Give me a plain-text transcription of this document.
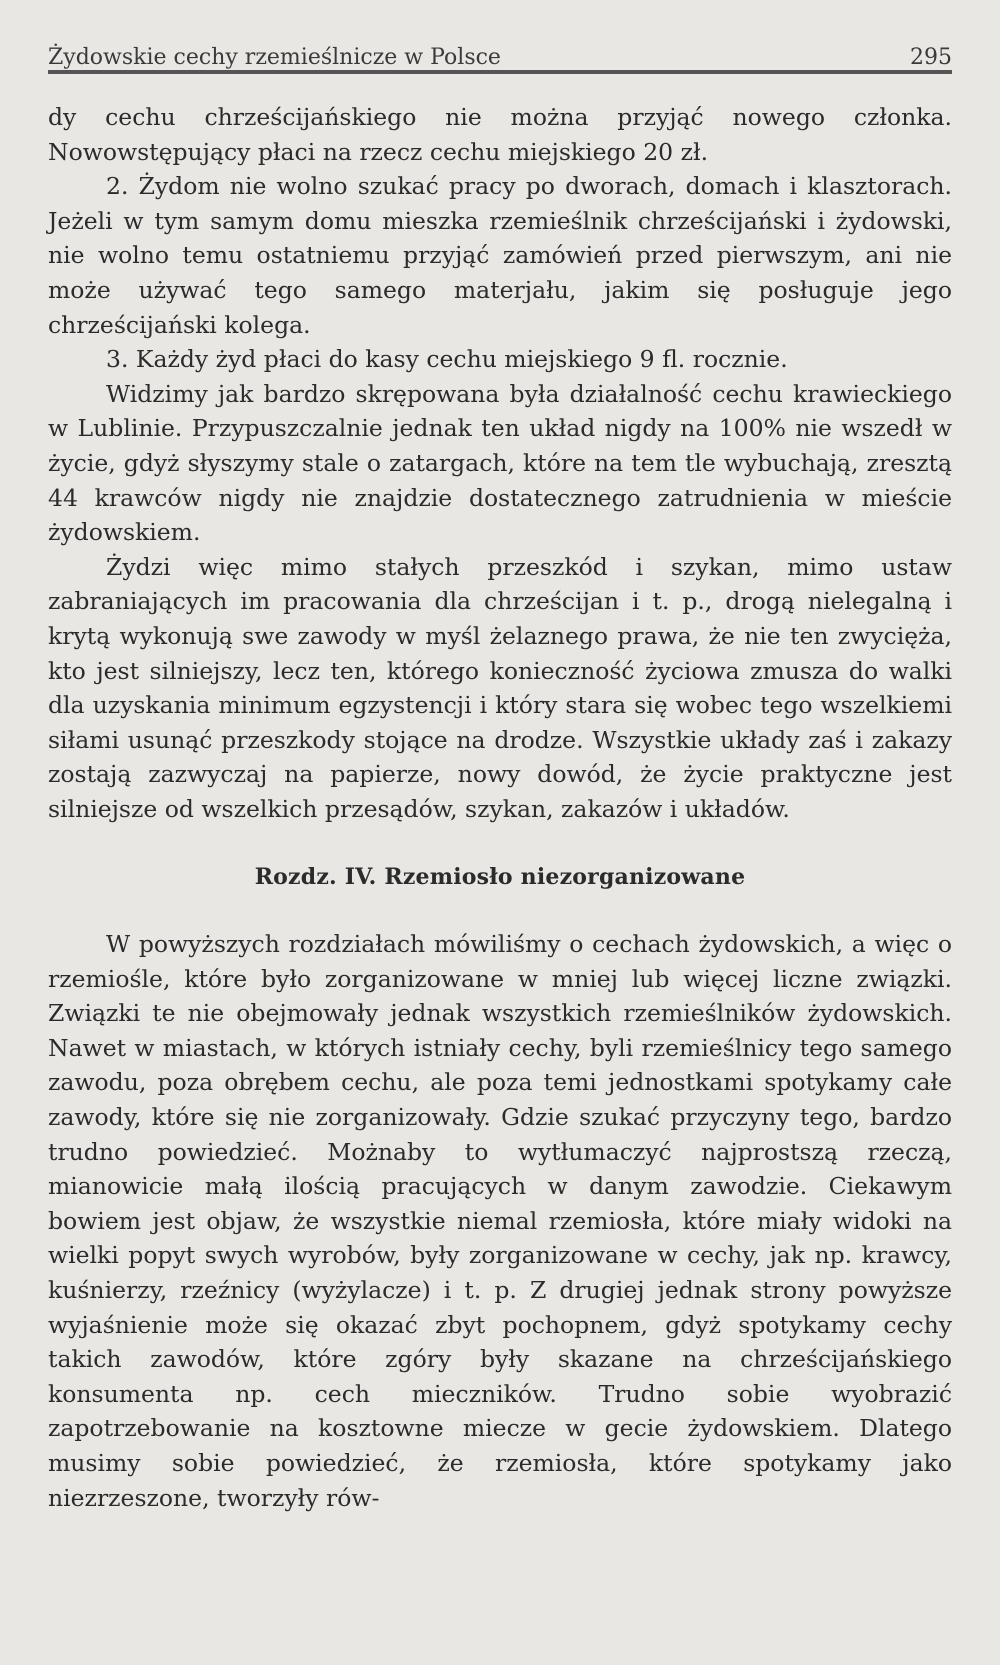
Żydowskie cechy rzemieślnicze w Polsce	295

dy cechu chrześcijańskiego nie można przyjąć nowego członka. Nowowstępujący płaci na rzecz cechu miejskiego 20 zł.

2. Żydom nie wolno szukać pracy po dworach, domach i klasztorach. Jeżeli w tym samym domu mieszka rzemieślnik chrześcijański i żydowski, nie wolno temu ostatniemu przyjąć zamówień przed pierwszym, ani nie może używać tego samego materjału, jakim się posługuje jego chrześcijański kolega.

3. Każdy żyd płaci do kasy cechu miejskiego 9 fl. rocznie.

Widzimy jak bardzo skrępowana była działalność cechu krawieckiego w Lublinie. Przypuszczalnie jednak ten układ nigdy na 100% nie wszedł w życie, gdyż słyszymy stale o zatargach, które na tem tle wybuchają, zresztą 44 krawców nigdy nie znajdzie dostatecznego zatrudnienia w mieście żydowskiem.

Żydzi więc mimo stałych przeszkód i szykan, mimo ustaw zabraniających im pracowania dla chrześcijan i t. p., drogą nielegalną i krytą wykonują swe zawody w myśl żelaznego prawa, że nie ten zwycięża, kto jest silniejszy, lecz ten, którego konieczność życiowa zmusza do walki dla uzyskania minimum egzystencji i który stara się wobec tego wszelkiemi siłami usunąć przeszkody stojące na drodze. Wszystkie układy zaś i zakazy zostają zazwyczaj na papierze, nowy dowód, że życie praktyczne jest silniejsze od wszelkich przesądów, szykan, zakazów i układów.

Rozdz. IV. Rzemiosło niezorganizowane

W powyższych rozdziałach mówiliśmy o cechach żydowskich, a więc o rzemiośle, które było zorganizowane w mniej lub więcej liczne związki. Związki te nie obejmowały jednak wszystkich rzemieślników żydowskich. Nawet w miastach, w których istniały cechy, byli rzemieślnicy tego samego zawodu, poza obrębem cechu, ale poza temi jednostkami spotykamy całe zawody, które się nie zorganizowały. Gdzie szukać przyczyny tego, bardzo trudno powiedzieć. Możnaby to wytłumaczyć najprostszą rzeczą, mianowicie małą ilością pracujących w danym zawodzie. Ciekawym bowiem jest objaw, że wszystkie niemal rzemiosła, które miały widoki na wielki popyt swych wyrobów, były zorganizowane w cechy, jak np. krawcy, kuśnierzy, rzeźnicy (wyżylacze) i t. p. Z drugiej jednak strony powyższe wyjaśnienie może się okazać zbyt pochopnem, gdyż spotykamy cechy takich zawodów, które zgóry były skazane na chrześcijańskiego konsumenta np. cech mieczników. Trudno sobie wyobrazić zapotrzebowanie na kosztowne miecze w gecie żydowskiem. Dlatego musimy sobie powiedzieć, że rzemiosła, które spotykamy jako niezrzeszone, tworzyły rów-
